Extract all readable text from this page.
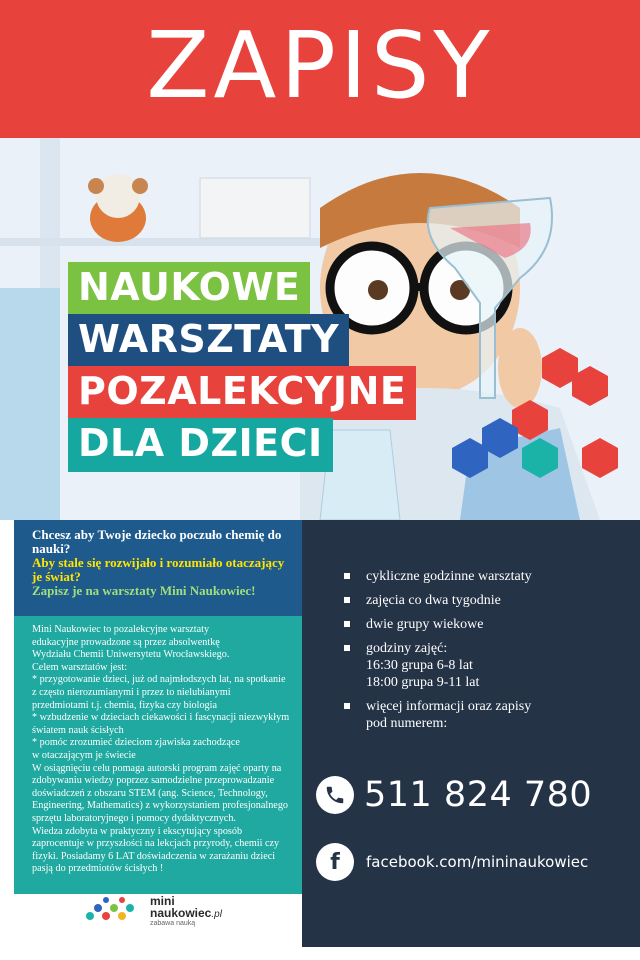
ZAPISY
NAUKOWE
WARSZTATY
POZALEKCYJNE
DLA DZIECI
Chcesz aby Twoje dziecko poczuło chemię do nauki?
Aby stale się rozwijało i rozumiało otaczający je świat?
Zapisz je na warsztaty Mini Naukowiec!
Mini Naukowiec to pozalekcyjne warsztaty
edukacyjne prowadzone są przez absolwentkę
Wydziału Chemii Uniwersytetu Wrocławskiego.
Celem warsztatów jest:
* przygotowanie dzieci, już od najmłodszych lat, na spotkanie
z często nierozumianymi i przez to nielubianymi
przedmiotami t.j. chemia, fizyka czy biologia
* wzbudzenie w dzieciach ciekawości i fascynacji niezwykłym
światem nauk ścisłych
* pomóc zrozumieć dzieciom zjawiska zachodzące
w otaczającym je świecie
W osiągnięciu celu pomaga autorski program zajęć oparty na
zdobywaniu wiedzy poprzez samodzielne przeprowadzanie
doświadczeń z obszaru STEM (ang. Science, Technology,
Engineering, Mathematics) z wykorzystaniem profesjonalnego
sprzętu laboratoryjnego i pomocy dydaktycznych.
Wiedza zdobyta w praktyczny i ekscytujący sposób
zaprocentuje w przyszłości na lekcjach przyrody, chemii czy
fizyki. Posiadamy 6 LAT doświadczenia w zarażaniu dzieci
pasją do przedmiotów ścisłych !
mini
naukowiec.pl
zabawa nauką
cykliczne godzinne warsztaty
zajęcia co dwa tygodnie
dwie grupy wiekowe
godziny zajęć:
16:30 grupa 6-8 lat
18:00 grupa 9-11 lat
więcej informacji oraz zapisy
pod numerem:
511 824 780
f facebook.com/mininaukowiec
